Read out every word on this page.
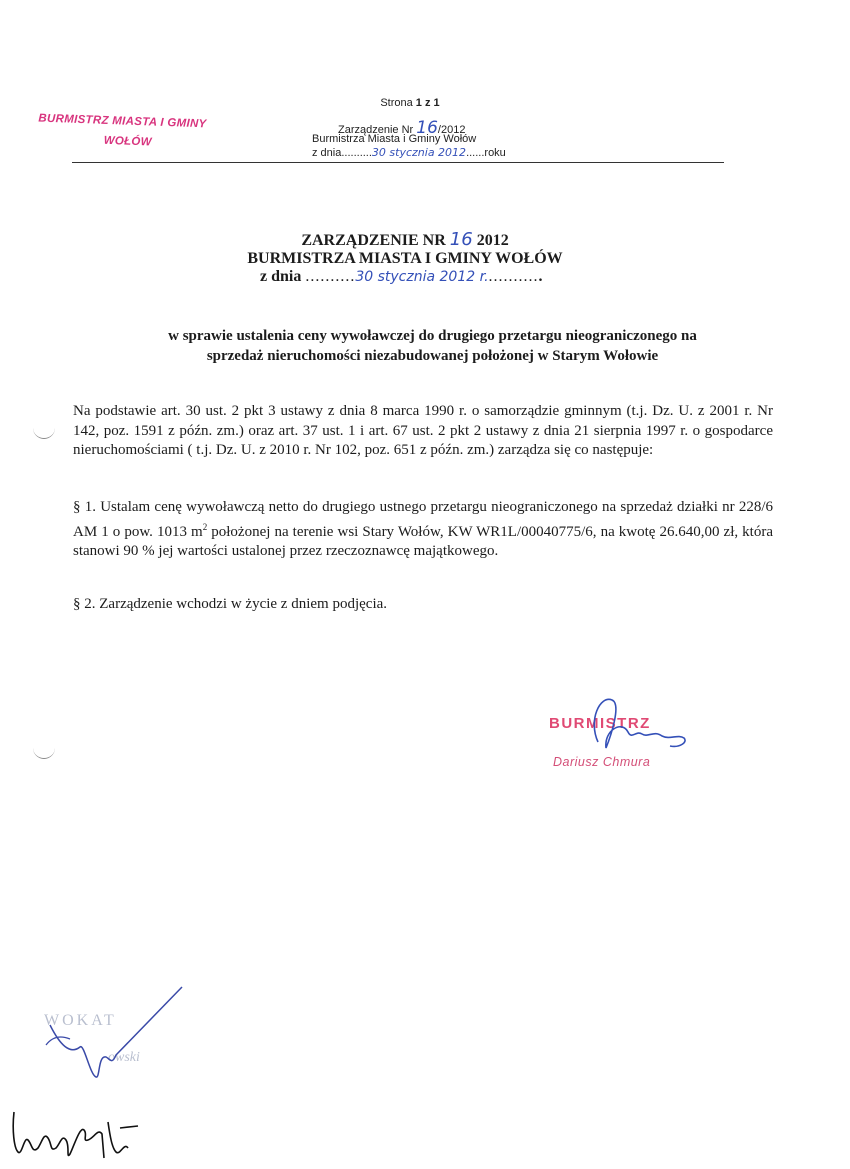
BURMISTRZ MIASTA I GMINY
WOŁÓW
Strona 1 z 1
Zarządzenie Nr 16/2012
Burmistrza Miasta i Gminy Wołów
z dnia..........30 stycznia 2012......roku
ZARZĄDZENIE NR 16 2012
BURMISTRZA MIASTA I GMINY WOŁÓW
z dnia ..........30 stycznia 2012 r............
w sprawie ustalenia ceny wywoławczej do drugiego przetargu nieograniczonego na
sprzedaż nieruchomości niezabudowanej położonej w Starym Wołowie
Na podstawie art. 30 ust. 2 pkt 3 ustawy z dnia 8 marca 1990 r. o samorządzie gminnym (t.j. Dz. U. z 2001 r. Nr 142, poz. 1591 z późn. zm.) oraz art. 37 ust. 1 i art. 67 ust. 2 pkt 2 ustawy z dnia 21 sierpnia 1997 r. o gospodarce nieruchomościami ( t.j. Dz. U. z 2010 r. Nr 102, poz. 651 z późn. zm.) zarządza się co następuje:
§ 1. Ustalam cenę wywoławczą netto do drugiego ustnego przetargu nieograniczonego na sprzedaż działki nr 228/6 AM 1 o pow. 1013 $m^2$ położonej na terenie wsi Stary Wołów, KW WR1L/00040775/6, na kwotę 26.640,00 zł, która stanowi 90 % jej wartości ustalonej przez rzeczoznawcę majątkowego.
§ 2. Zarządzenie wchodzi w życie z dniem podjęcia.
BURMISTRZ
Dariusz Chmura
WOKAT
owski
